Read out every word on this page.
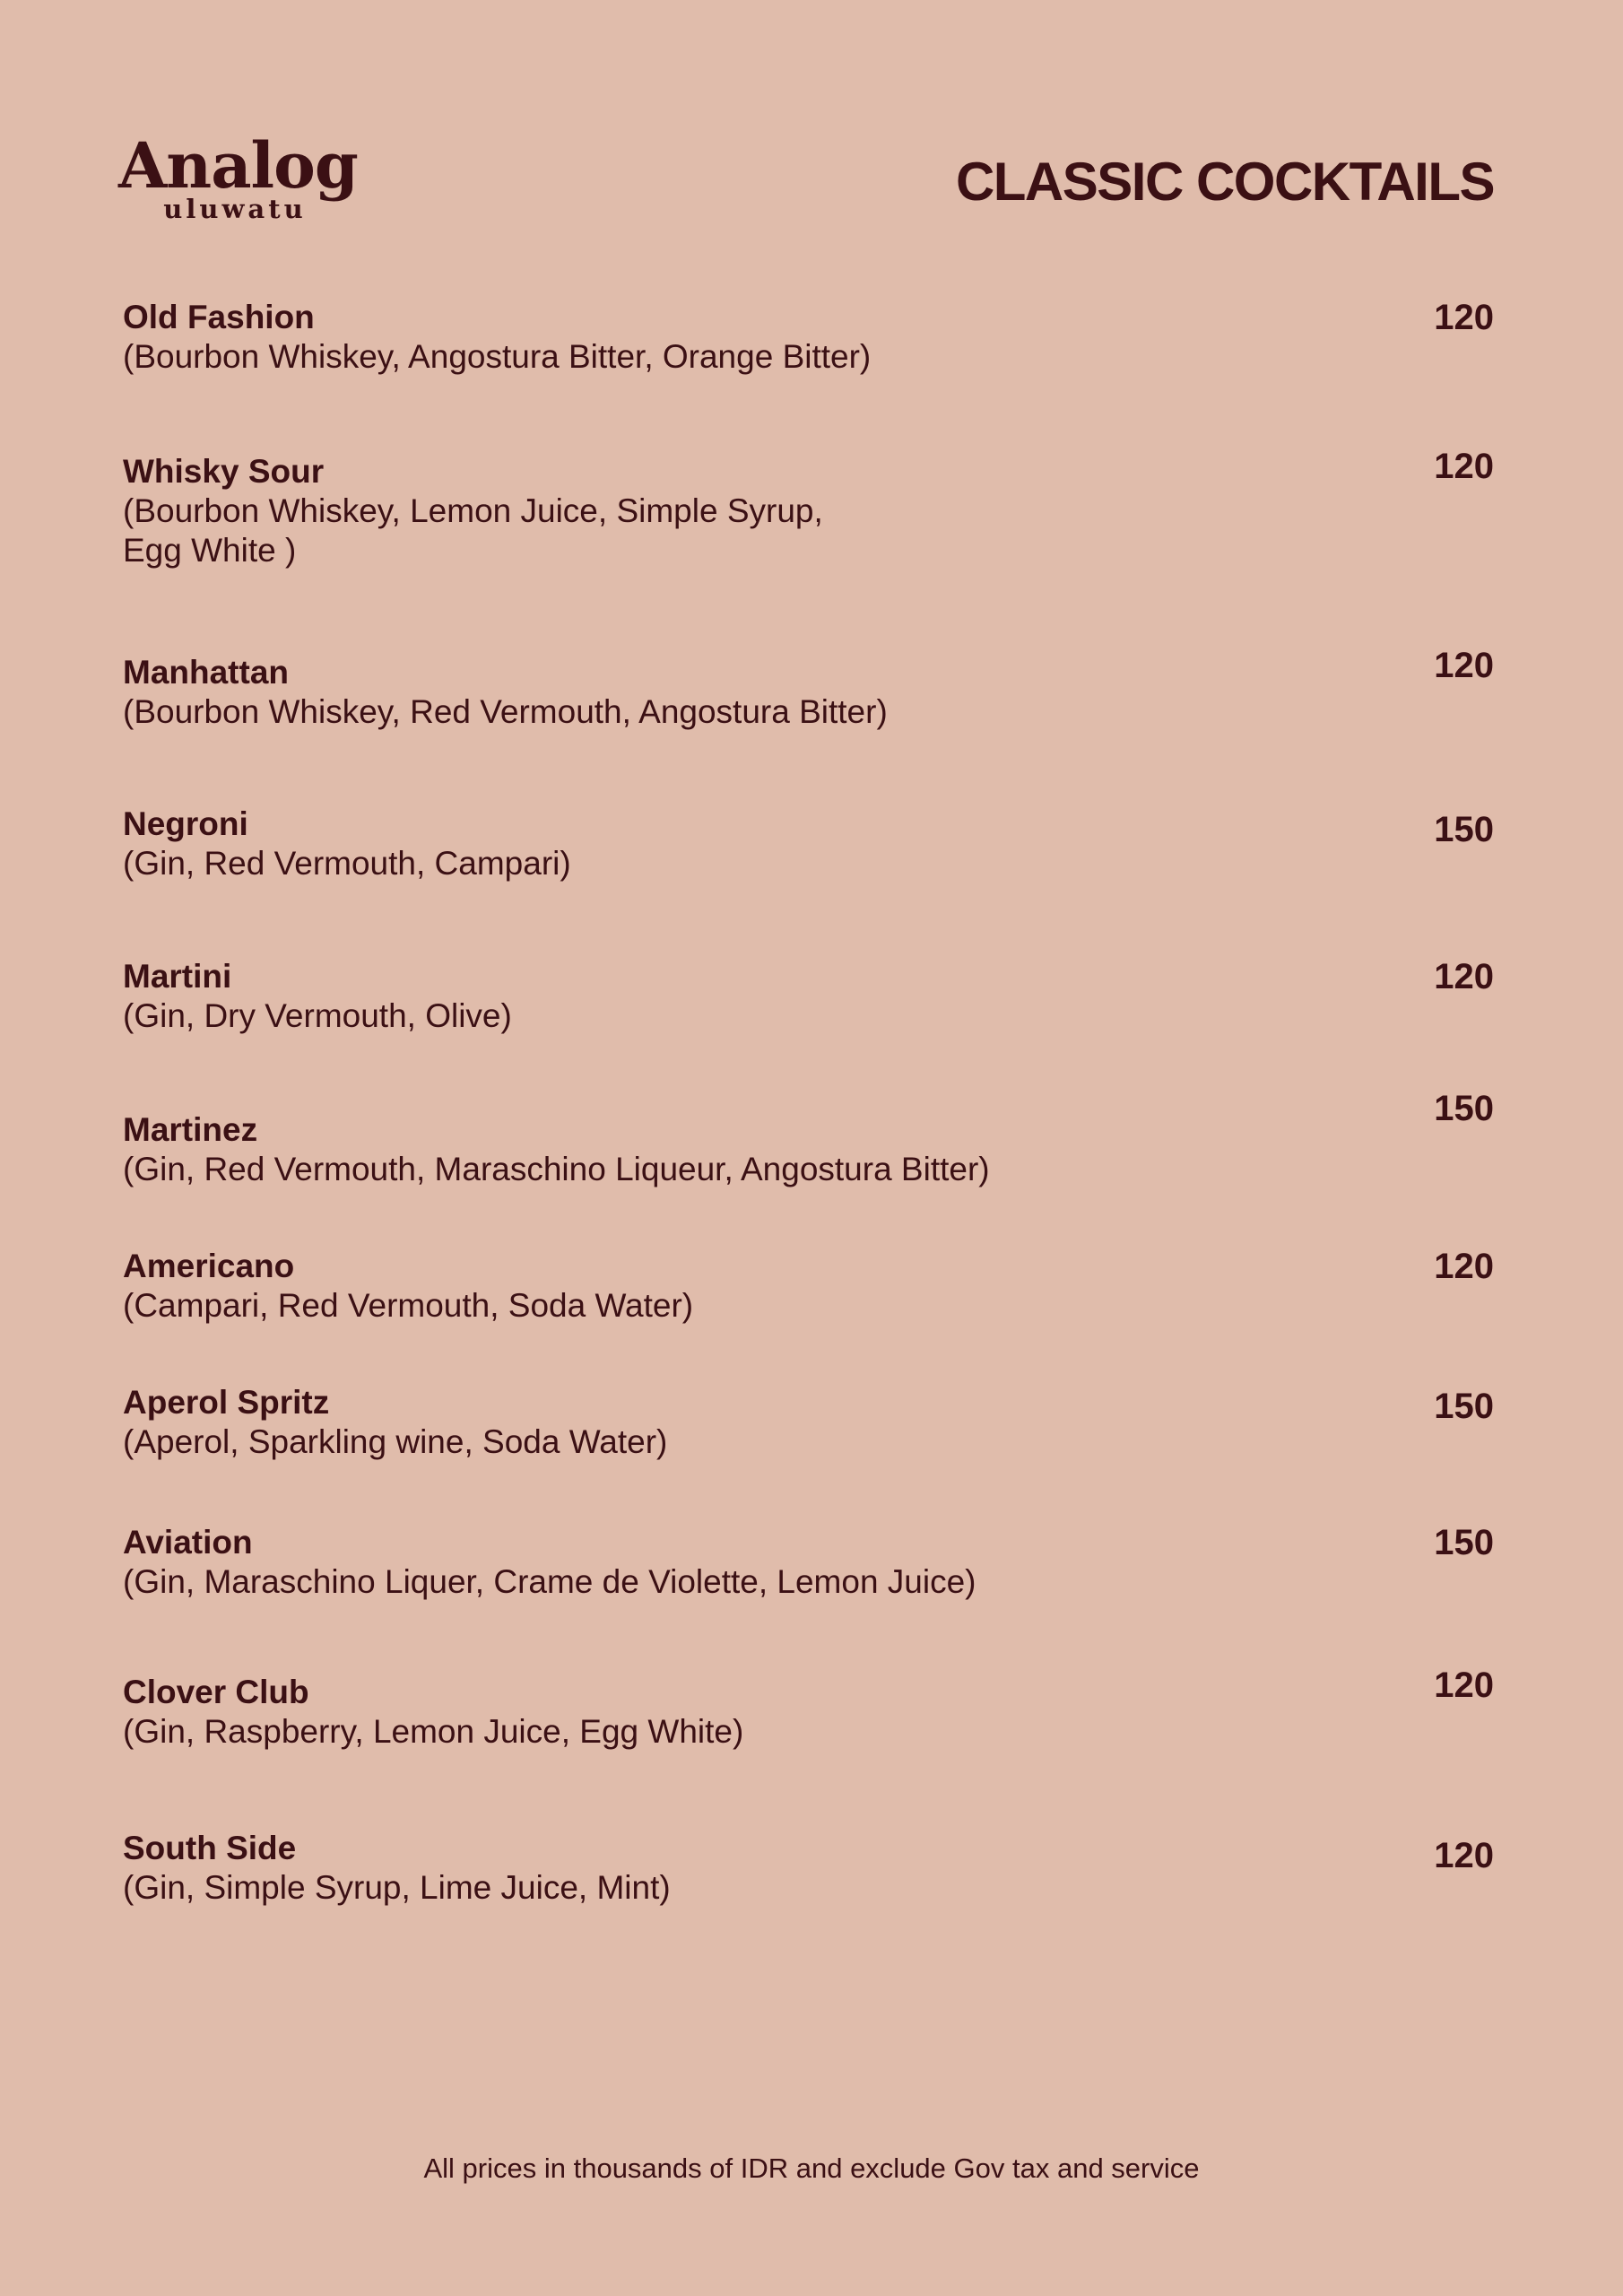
Analog
uluwatu	CLASSIC COCKTAILS
120
Old Fashion
(Bourbon Whiskey, Angostura Bitter, Orange Bitter)
120
Whisky Sour
(Bourbon Whiskey, Lemon Juice, Simple Syrup,
Egg White )
120
Manhattan
(Bourbon Whiskey, Red Vermouth, Angostura Bitter)
150
Negroni
(Gin, Red Vermouth, Campari)
120
Martini
(Gin, Dry Vermouth, Olive)
150
Martinez
(Gin, Red Vermouth, Maraschino Liqueur, Angostura Bitter)
120
Americano
(Campari, Red Vermouth, Soda Water)
150
Aperol Spritz
(Aperol, Sparkling wine, Soda Water)
150
Aviation
(Gin, Maraschino Liquer, Crame de Violette, Lemon Juice)
120
Clover Club
(Gin, Raspberry, Lemon Juice, Egg White)
120
South Side
(Gin, Simple Syrup, Lime Juice, Mint)
All prices in thousands of IDR and exclude Gov tax and service
